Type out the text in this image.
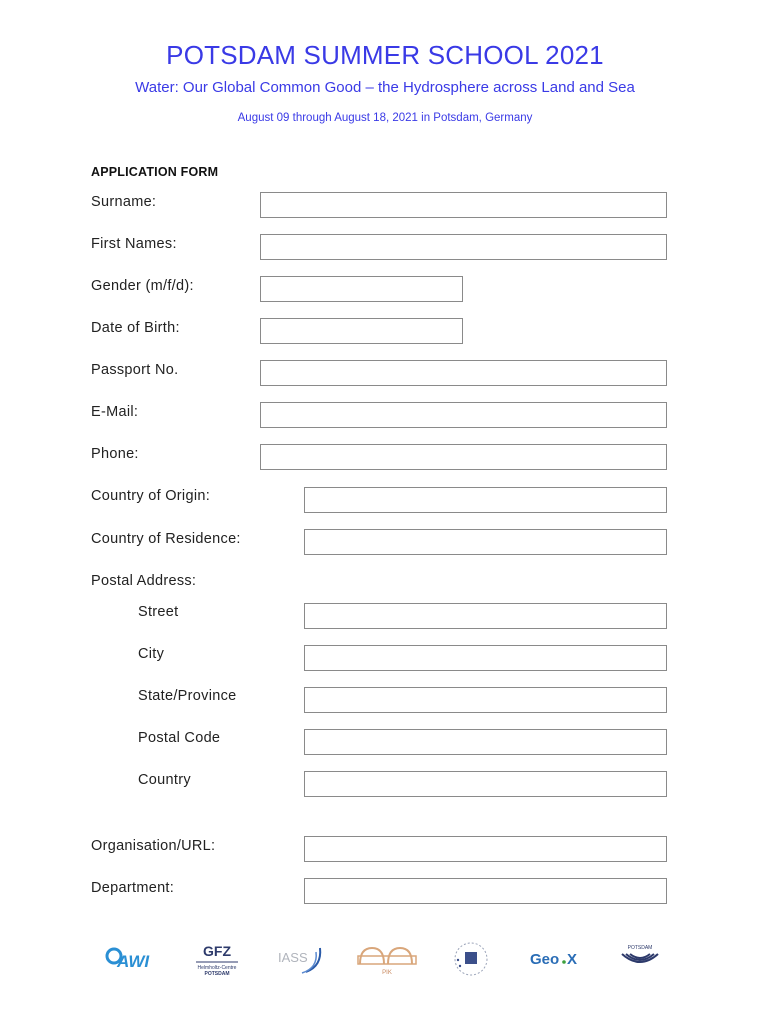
POTSDAM SUMMER SCHOOL 2021
Water: Our Global Common Good – the Hydrosphere across Land and Sea
August 09 through August 18, 2021 in Potsdam, Germany
APPLICATION FORM
Surname:
First Names:
Gender (m/f/d):
Date of Birth:
Passport No.
E-Mail:
Phone:
Country of Origin:
Country of Residence:
Postal Address:
Street
City
State/Province
Postal Code
Country
Organisation/URL:
Department:
AWI
GFZ
Helmholtz-Centre
POTSDAM
IASS
PIK
Geo X
POTSDAM
